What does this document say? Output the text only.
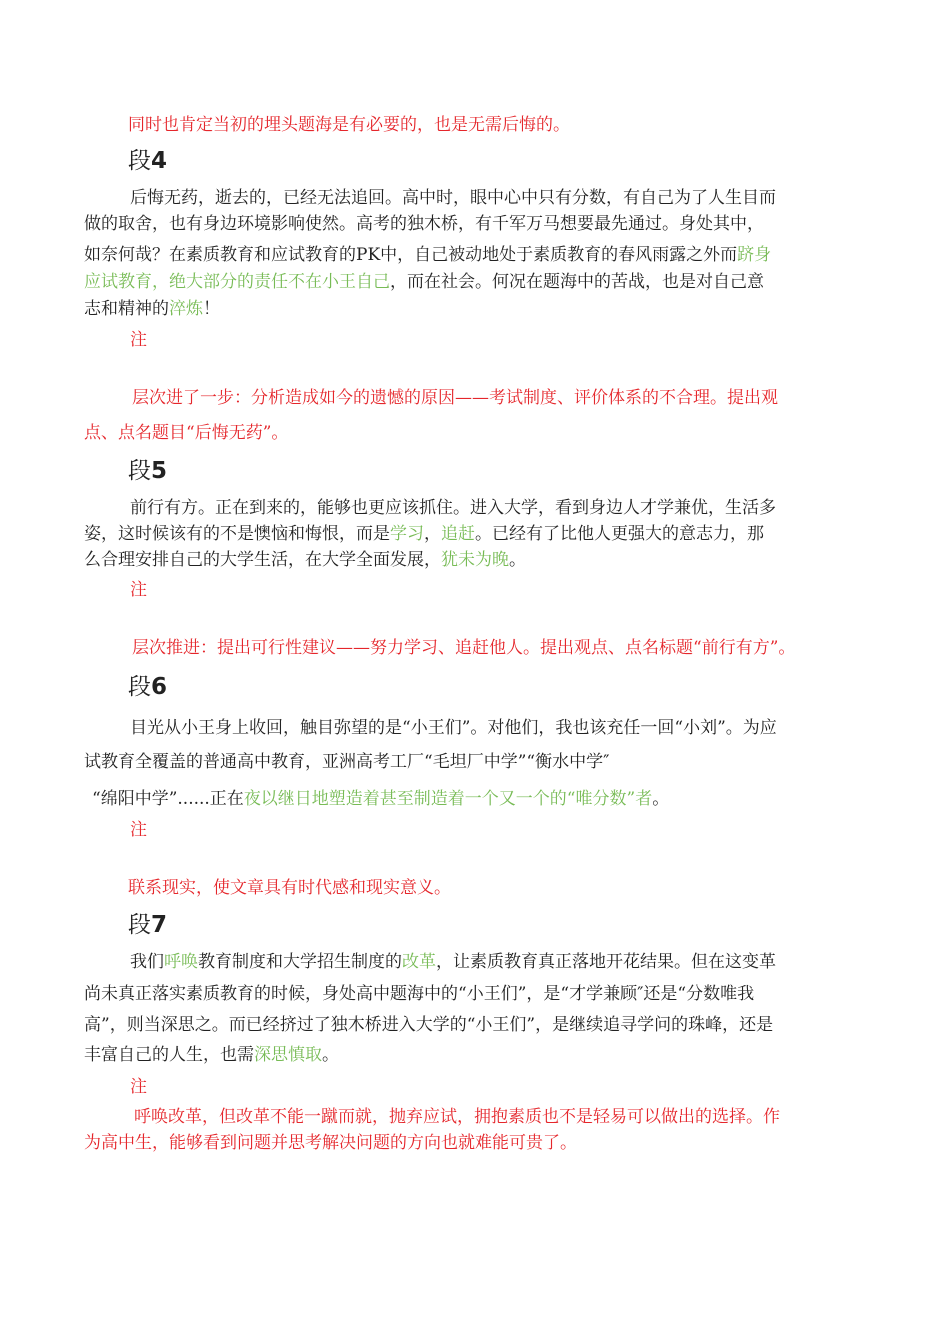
同时也肯定当初的埋头题海是有必要的，也是无需后悔的。
段4
后悔无药，逝去的，已经无法追回。高中时，眼中心中只有分数，有自己为了人生目而
做的取舍，也有身边环境影响使然。高考的独木桥，有千军万马想要最先通过。身处其中，
如奈何哉？在素质教育和应试教育的PK中，自己被动地处于素质教育的春风雨露之外而跻身
应试教育，绝大部分的责任不在小王自己，而在社会。何况在题海中的苦战，也是对自己意
志和精神的淬炼！
注
层次进了一步：分析造成如今的遗憾的原因——考试制度、评价体系的不合理。提出观
点、点名题目“后悔无药”。
段5
前行有方。正在到来的，能够也更应该抓住。进入大学，看到身边人才学兼优，生活多
姿，这时候该有的不是懊恼和悔恨，而是学习，追赶。已经有了比他人更强大的意志力，那
么合理安排自己的大学生活，在大学全面发展，犹未为晚。
注
层次推进：提出可行性建议——努力学习、追赶他人。提出观点、点名标题“前行有方”。
段6
目光从小王身上收回，触目弥望的是“小王们”。对他们，我也该充任一回“小刘”。为应
试教育全覆盖的普通高中教育，亚洲高考工厂“毛坦厂中学”“衡水中学″
“绵阳中学”......正在夜以继日地塑造着甚至制造着一个又一个的“唯分数”者。
注
联系现实，使文章具有时代感和现实意义。
段7
我们呼唤教育制度和大学招生制度的改革，让素质教育真正落地开花结果。但在这变革
尚未真正落实素质教育的时候，身处高中题海中的“小王们”，是“才学兼顾″还是“分数唯我
高”，则当深思之。而已经挤过了独木桥进入大学的“小王们”，是继续追寻学问的珠峰，还是
丰富自己的人生，也需深思慎取。
注
呼唤改革，但改革不能一蹴而就，抛弃应试，拥抱素质也不是轻易可以做出的选择。作
为高中生，能够看到问题并思考解决问题的方向也就难能可贵了。
